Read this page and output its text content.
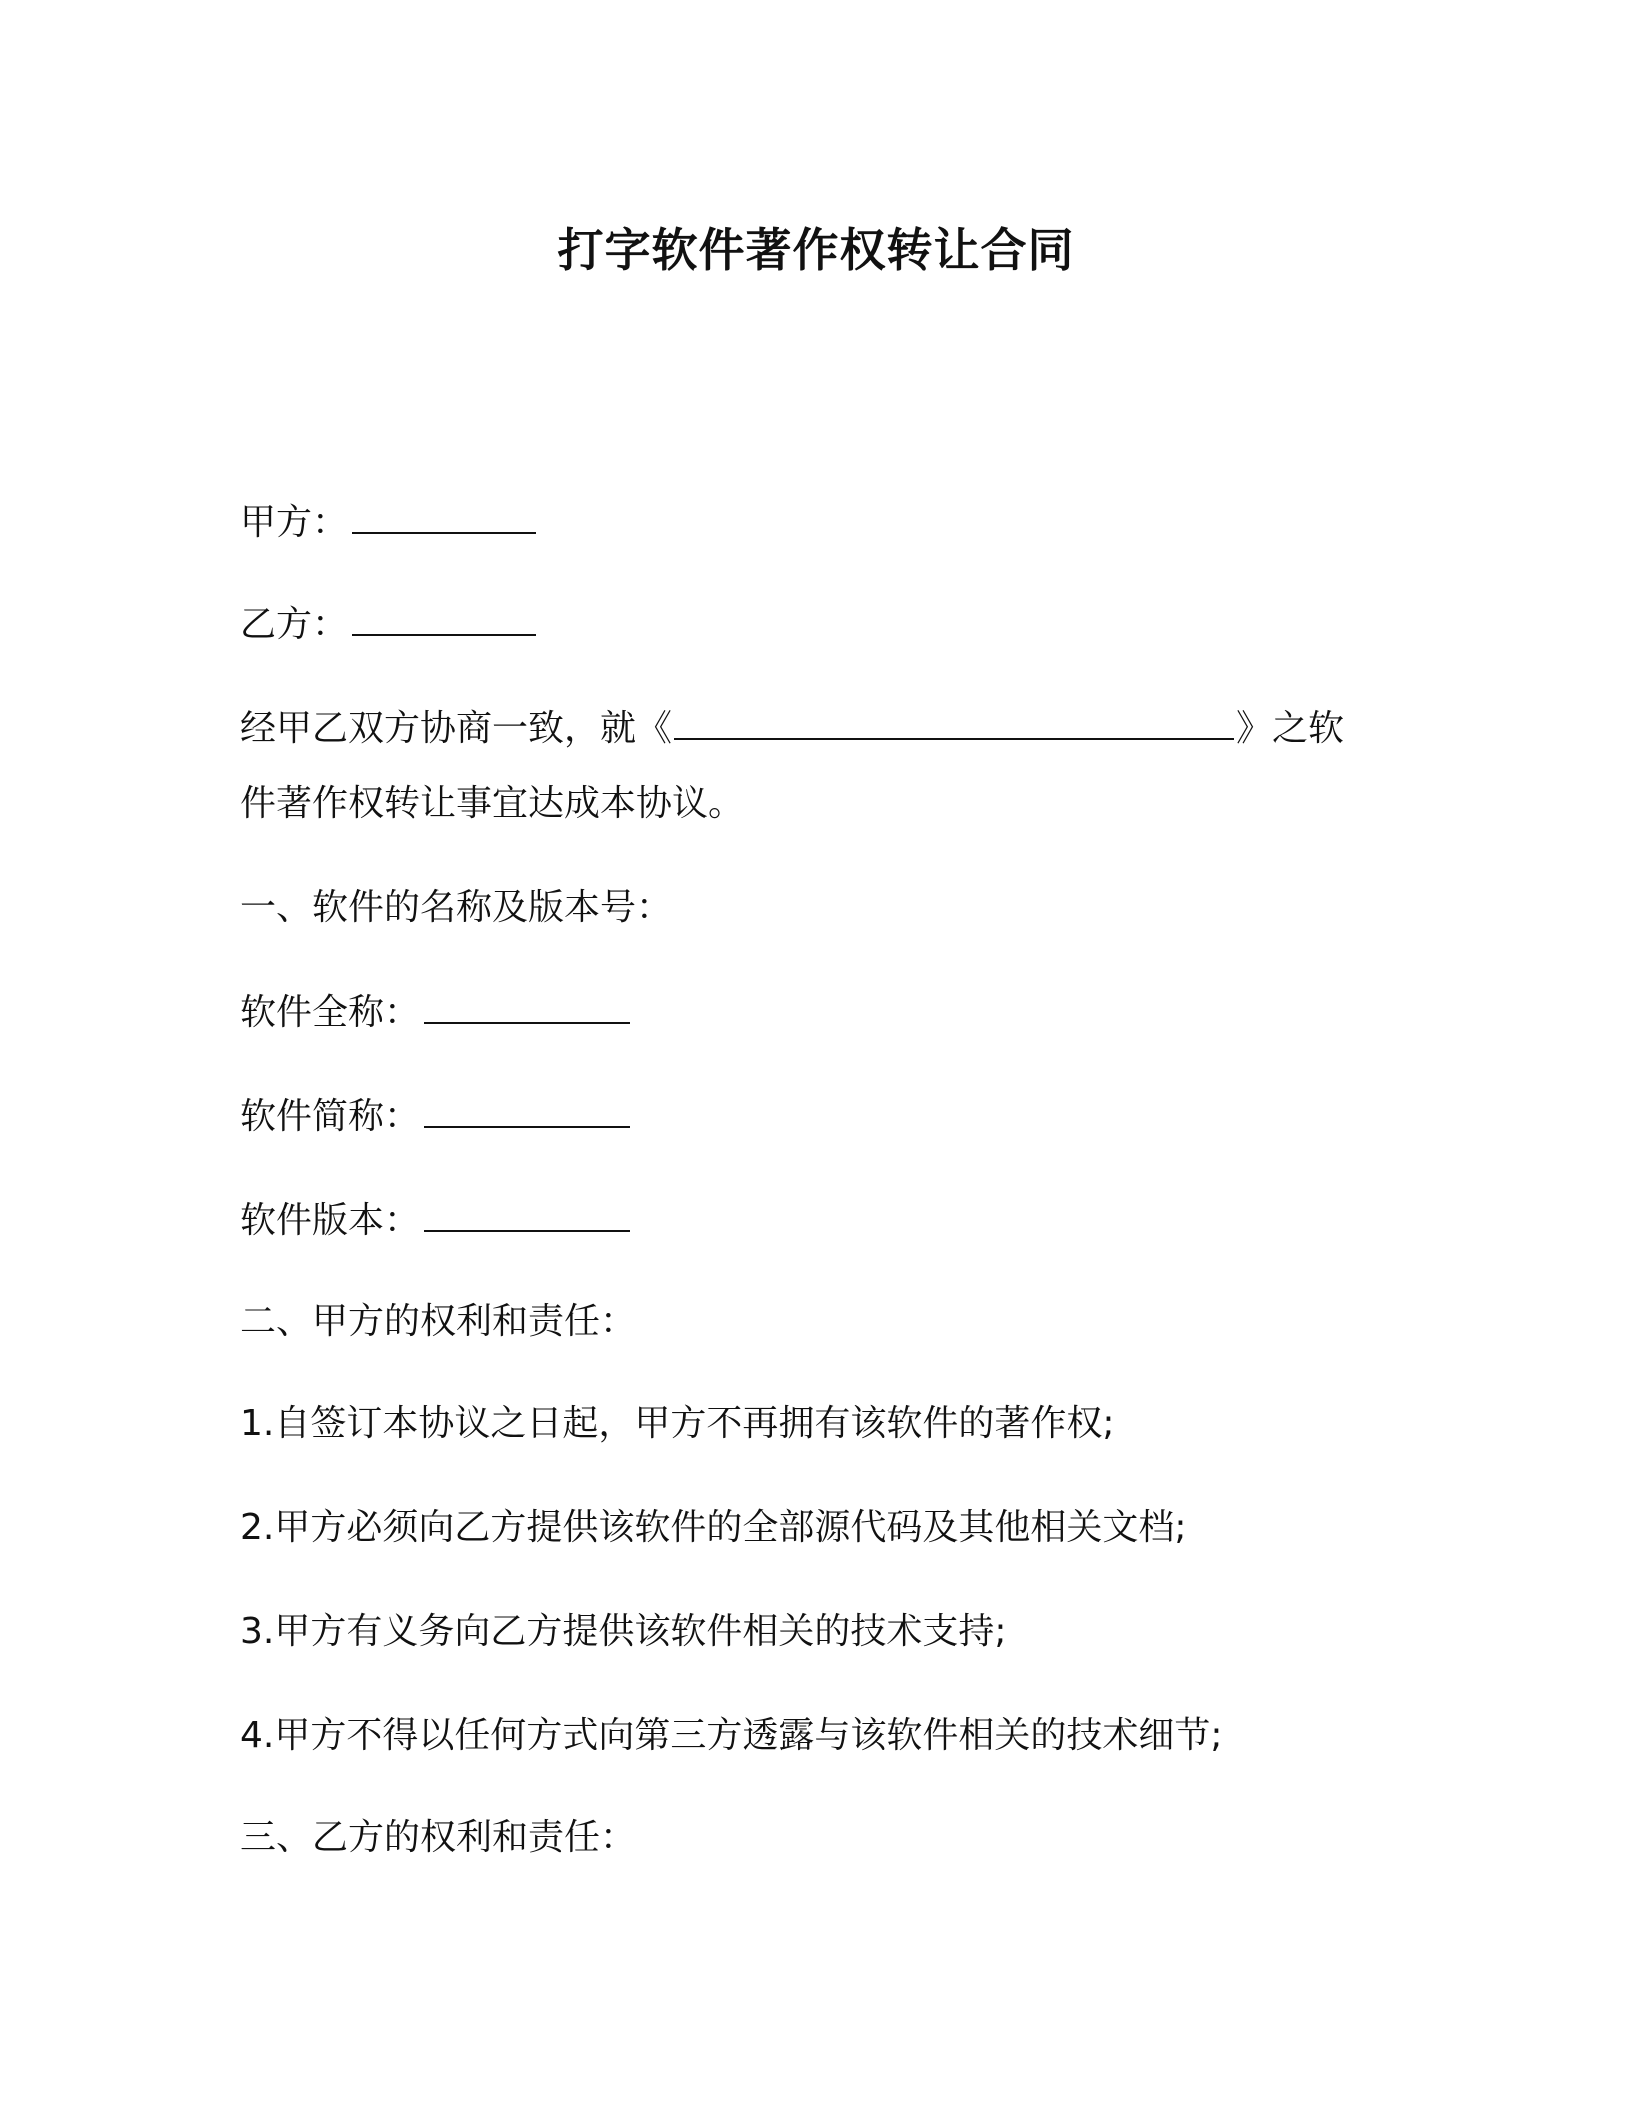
打字软件著作权转让合同
甲方：
乙方：
经甲乙双方协商一致，就《	》之软
件著作权转让事宜达成本协议。
一、软件的名称及版本号：
软件全称：
软件简称：
软件版本：
二、甲方的权利和责任：
1.自签订本协议之日起，甲方不再拥有该软件的著作权;
2.甲方必须向乙方提供该软件的全部源代码及其他相关文档;
3.甲方有义务向乙方提供该软件相关的技术支持;
4.甲方不得以任何方式向第三方透露与该软件相关的技术细节;
三、乙方的权利和责任：
